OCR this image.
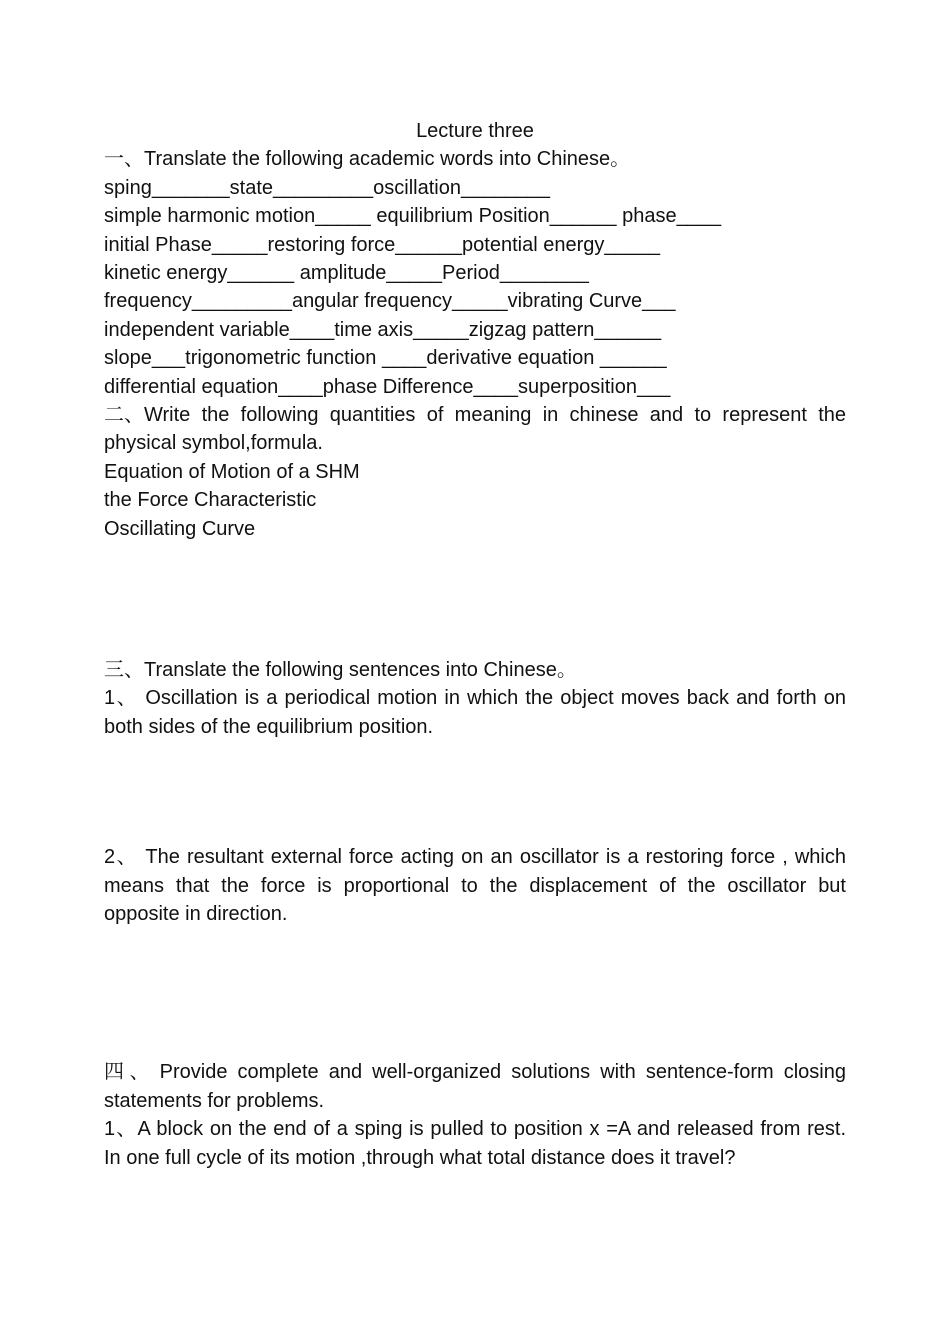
Lecture three
一、Translate the following academic words into Chinese。
sping_______state_________oscillation________
simple harmonic motion_____ equilibrium Position______ phase____
initial Phase_____restoring force______potential energy_____
kinetic energy______ amplitude_____Period________
frequency_________angular frequency_____vibrating Curve___
independent variable____time axis_____zigzag pattern______
slope___trigonometric function ____derivative equation ______
differential equation____phase Difference____superposition___
二、Write the following quantities of meaning in chinese and to represent the physical symbol,formula.
Equation of Motion of a SHM
the Force Characteristic
Oscillating Curve
三、Translate the following sentences into Chinese。
1、 Oscillation is a periodical motion in which the object moves back and forth on both sides of the equilibrium position.
2、 The resultant external force acting on an oscillator is a restoring force , which means that the force is proportional to the displacement of the oscillator but opposite in direction.
四 、 Provide complete and well-organized solutions with sentence-form closing statements for problems.
1、A block on the end of a sping is pulled to position x =A and released from rest. In one full cycle of its motion ,through what total distance does it travel?
